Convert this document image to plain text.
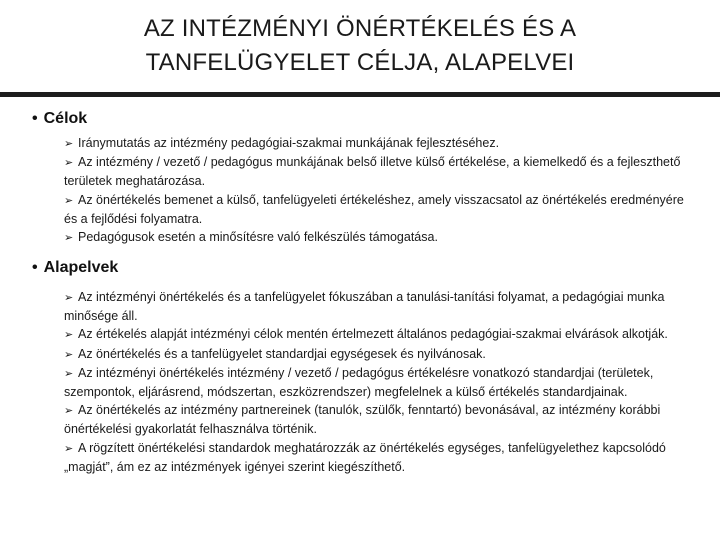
AZ INTÉZMÉNYI ÖNÉRTÉKELÉS ÉS A
TANFELÜGYELET CÉLJA, ALAPELVEI
• Célok

➢ Iránymutatás az intézmény pedagógiai-szakmai munkájának fejlesztéséhez.

➢ Az intézmény / vezető / pedagógus munkájának belső illetve külső értékelése, a kiemelkedő és a fejleszthető területek meghatározása.

➢ Az önértékelés bemenet a külső, tanfelügyeleti értékeléshez, amely visszacsatol az önértékelés eredményére és a fejlődési folyamatra.

➢ Pedagógusok esetén a minősítésre való felkészülés támogatása.

• Alapelvek

➢ Az intézményi önértékelés és a tanfelügyelet fókuszában a tanulási-tanítási folyamat, a pedagógiai munka minősége áll.

➢ Az értékelés alapját intézményi célok mentén értelmezett általános pedagógiai-szakmai elvárások alkotják.

➢ Az önértékelés és a tanfelügyelet standardjai egységesek és nyilvánosak.

➢ Az intézményi önértékelés intézmény / vezető / pedagógus értékelésre vonatkozó standardjai (területek, szempontok, eljárásrend, módszertan, eszközrendszer) megfelelnek a külső értékelés standardjainak.

➢ Az önértékelés az intézmény partnereinek (tanulók, szülők, fenntartó) bevonásával, az intézmény korábbi önértékelési gyakorlatát felhasználva történik.

➢ A rögzített önértékelési standardok meghatározzák az önértékelés egységes, tanfelügyelethez kapcsolódó „magját”, ám ez az intézmények igényei szerint kiegészíthető.
